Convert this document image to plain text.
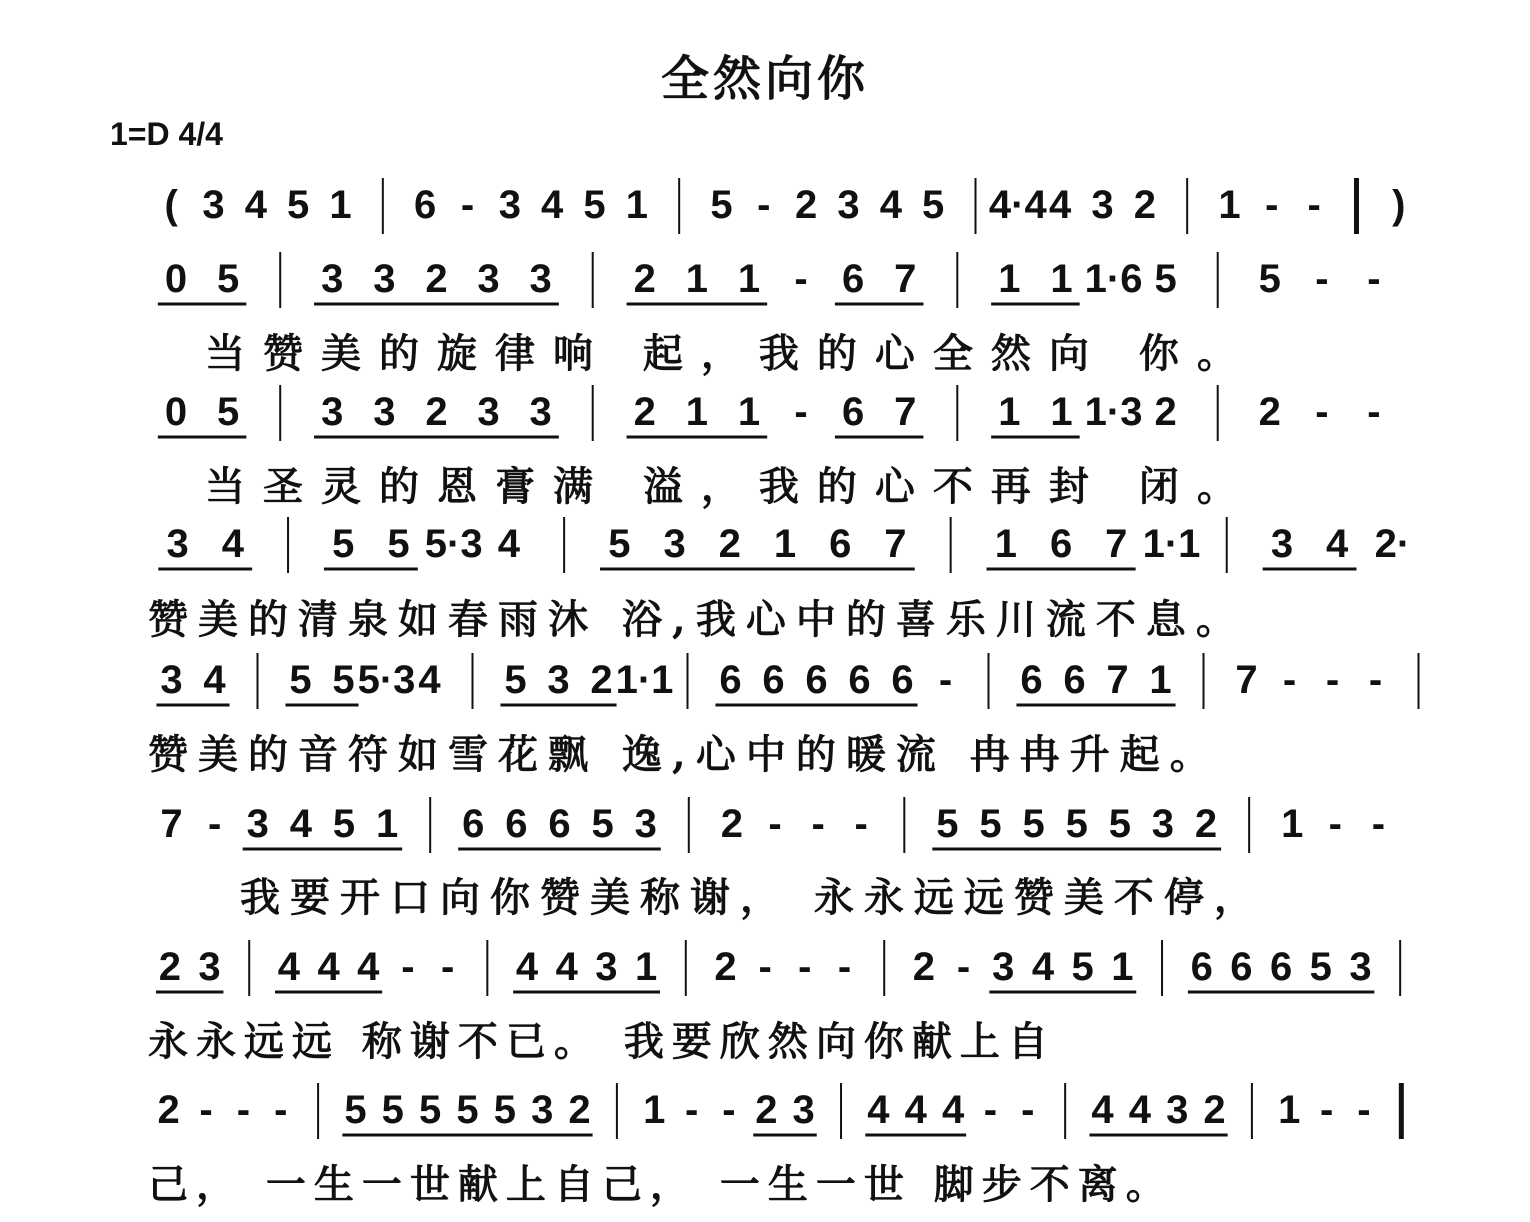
全然向你
1=D 4/4
( 3 4 5 1 6 - 3 4 5 1 5 - 2 3 4 5 4·4 4 3 2 1 - - )
0 5 3 3 2 3 3 2 1 1 - 6 7 1 1 1·6 5 5 - -
0 5 3 3 2 3 3 2 1 1 - 6 7 1 1 1·3 2 2 - -
3 4 5 5 5·3 4 5 3 2 1 6 7 1 6 7 1·1 3 4 2·
3 4 5 5 5·3 4 5 3 2 1·1 6 6 6 6 6 - 6 6 7 1 7 - - -
7 - 3 4 5 1 6 6 6 5 3 2 - - - 5 5 5 5 5 3 2 1 - -
2 3 4 4 4 - - 4 4 3 1 2 - - - 2 - 3 4 5 1 6 6 6 5 3
2 - - - 5 5 5 5 5 3 2 1 - - 2 3 4 4 4 - - 4 4 3 2 1 - -
当赞美的旋律响 起，我的心全然向 你。
当圣灵的恩膏满 溢，我的心不再封 闭。
赞美的清泉如春雨沐 浴,我心中的喜乐川流不息。
赞美的音符如雪花飘 逸,心中的暖流 冉冉升起。
我要开口向你赞美称谢， 永永远远赞美不停，
永永远远 称谢不已。 我要欣然向你献上自
己， 一生一世献上自己， 一生一世 脚步不离。
